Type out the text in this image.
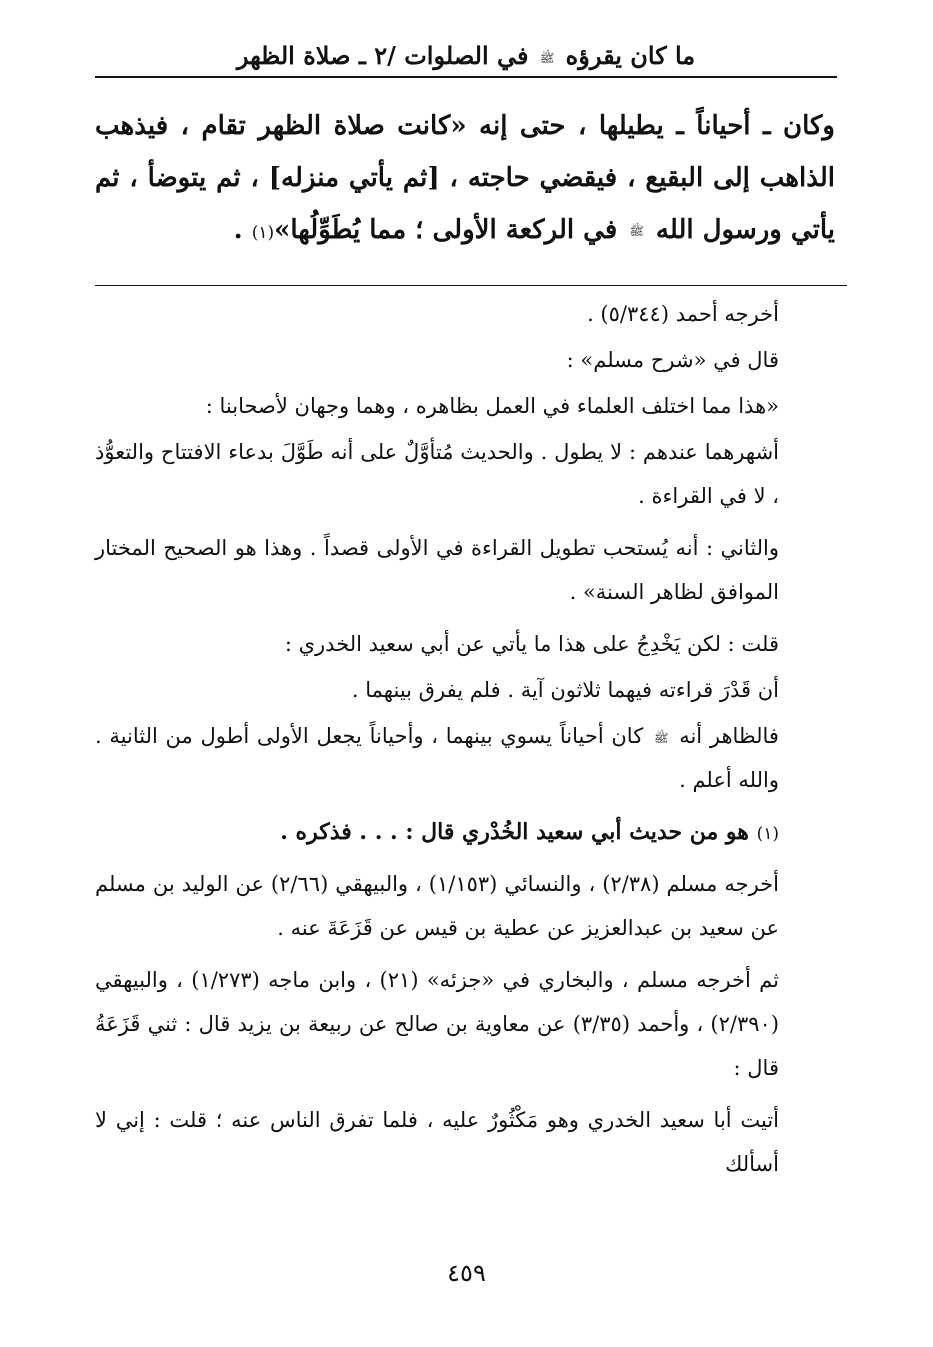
ما كان يقرؤه ﷺ في الصلوات /٢ ـ صلاة الظهر

وكان ـ أحياناً ـ يطيلها ، حتى إنه «كانت صلاة الظهر تقام ، فيذهب الذاهب إلى البقيع ، فيقضي حاجته ، [ثم يأتي منزله] ، ثم يتوضأ ، ثم يأتي ورسول الله ﷺ في الركعة الأولى ؛ مما يُطَوِّلُها»(١) .

أخرجه أحمد (٥/٣٤٤) .

قال في «شرح مسلم» :

«هذا مما اختلف العلماء في العمل بظاهره ، وهما وجهان لأصحابنا :

أشهرهما عندهم : لا يطول . والحديث مُتأوَّلٌ على أنه طَوَّلَ بدعاء الافتتاح والتعوُّذ ، لا في القراءة .

والثاني : أنه يُستحب تطويل القراءة في الأولى قصداً . وهذا هو الصحيح المختار الموافق لظاهر السنة» .

قلت : لكن يَخْدِجُ على هذا ما يأتي عن أبي سعيد الخدري :

أن قَدْرَ قراءته فيهما ثلاثون آية . فلم يفرق بينهما .

فالظاهر أنه ﷺ كان أحياناً يسوي بينهما ، وأحياناً يجعل الأولى أطول من الثانية . والله أعلم .

(١) هو من حديث أبي سعيد الخُدْري قال : . . . فذكره .

أخرجه مسلم (٢/٣٨) ، والنسائي (١/١٥٣) ، والبيهقي (٢/٦٦) عن الوليد بن مسلم عن سعيد بن عبدالعزيز عن عطية بن قيس عن قَزَعَةَ عنه .

ثم أخرجه مسلم ، والبخاري في «جزئه» (٢١) ، وابن ماجه (١/٢٧٣) ، والبيهقي (٢/٣٩٠) ، وأحمد (٣/٣٥) عن معاوية بن صالح عن ربيعة بن يزيد قال : ثني قَزَعَةُ قال :

أتيت أبا سعيد الخدري وهو مَكْثُورٌ عليه ، فلما تفرق الناس عنه ؛ قلت : إني لا أسألك

٤٥٩
